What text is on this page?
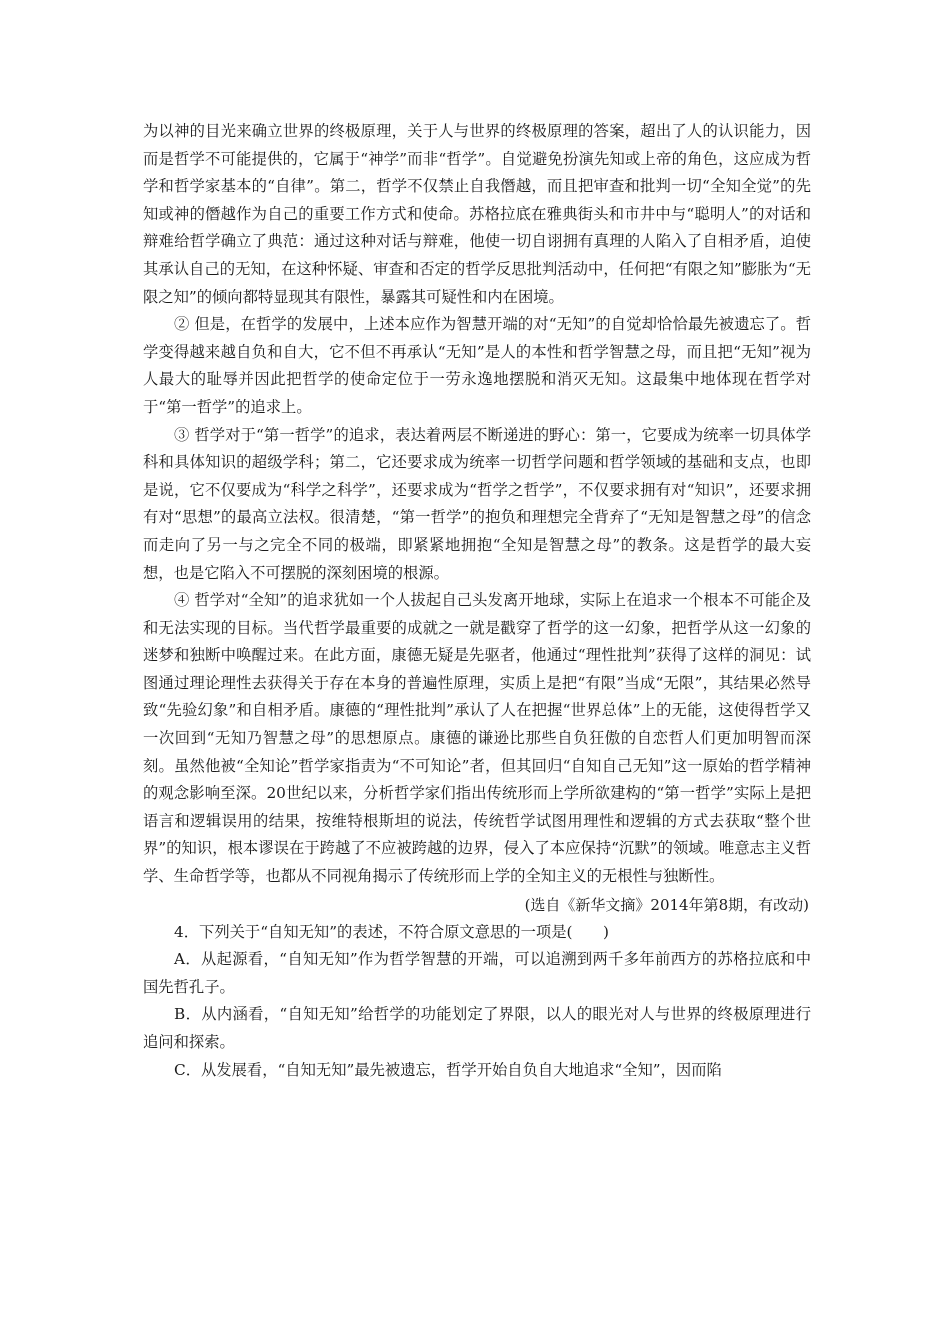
为以神的目光来确立世界的终极原理，关于人与世界的终极原理的答案，超出了人的认识能力，因而是哲学不可能提供的，它属于“神学”而非“哲学”。自觉避免扮演先知或上帝的角色，这应成为哲学和哲学家基本的“自律”。第二，哲学不仅禁止自我僭越，而且把审查和批判一切“全知全觉”的先知或神的僭越作为自己的重要工作方式和使命。苏格拉底在雅典街头和市井中与“聪明人”的对话和辩难给哲学确立了典范：通过这种对话与辩难，他使一切自诩拥有真理的人陷入了自相矛盾，迫使其承认自己的无知，在这种怀疑、审查和否定的哲学反思批判活动中，任何把“有限之知”膨胀为“无限之知”的倾向都特显现其有限性，暴露其可疑性和内在困境。

② 但是，在哲学的发展中，上述本应作为智慧开端的对“无知”的自觉却恰恰最先被遗忘了。哲学变得越来越自负和自大，它不但不再承认“无知”是人的本性和哲学智慧之母，而且把“无知”视为人最大的耻辱并因此把哲学的使命定位于一劳永逸地摆脱和消灭无知。这最集中地体现在哲学对于“第一哲学”的追求上。

③ 哲学对于“第一哲学”的追求，表达着两层不断递进的野心：第一，它要成为统率一切具体学科和具体知识的超级学科；第二，它还要求成为统率一切哲学问题和哲学领域的基础和支点，也即是说，它不仅要成为“科学之科学”，还要求成为“哲学之哲学”，不仅要求拥有对“知识”，还要求拥有对“思想”的最高立法权。很清楚，“第一哲学”的抱负和理想完全背弃了“无知是智慧之母”的信念而走向了另一与之完全不同的极端，即紧紧地拥抱“全知是智慧之母”的教条。这是哲学的最大妄想，也是它陷入不可摆脱的深刻困境的根源。

④ 哲学对“全知”的追求犹如一个人拔起自己头发离开地球，实际上在追求一个根本不可能企及和无法实现的目标。当代哲学最重要的成就之一就是戳穿了哲学的这一幻象，把哲学从这一幻象的迷梦和独断中唤醒过来。在此方面，康德无疑是先驱者，他通过“理性批判”获得了这样的洞见：试图通过理论理性去获得关于存在本身的普遍性原理，实质上是把“有限”当成“无限”，其结果必然导致“先验幻象”和自相矛盾。康德的“理性批判”承认了人在把握“世界总体”上的无能，这使得哲学又一次回到“无知乃智慧之母”的思想原点。康德的谦逊比那些自负狂傲的自恋哲人们更加明智而深刻。虽然他被“全知论”哲学家指责为“不可知论”者，但其回归“自知自己无知”这一原始的哲学精神的观念影响至深。20世纪以来，分析哲学家们指出传统形而上学所欲建构的“第一哲学”实际上是把语言和逻辑误用的结果，按维特根斯坦的说法，传统哲学试图用理性和逻辑的方式去获取“整个世界”的知识，根本谬误在于跨越了不应被跨越的边界，侵入了本应保持“沉默”的领域。唯意志主义哲学、生命哲学等，也都从不同视角揭示了传统形而上学的全知主义的无根性与独断性。

(选自《新华文摘》2014年第8期，有改动)

4．下列关于“自知无知”的表述，不符合原文意思的一项是(　　)

A．从起源看，“自知无知”作为哲学智慧的开端，可以追溯到两千多年前西方的苏格拉底和中国先哲孔子。

B．从内涵看，“自知无知”给哲学的功能划定了界限，以人的眼光对人与世界的终极原理进行追问和探索。

C．从发展看，“自知无知”最先被遗忘，哲学开始自负自大地追求“全知”，因而陷
